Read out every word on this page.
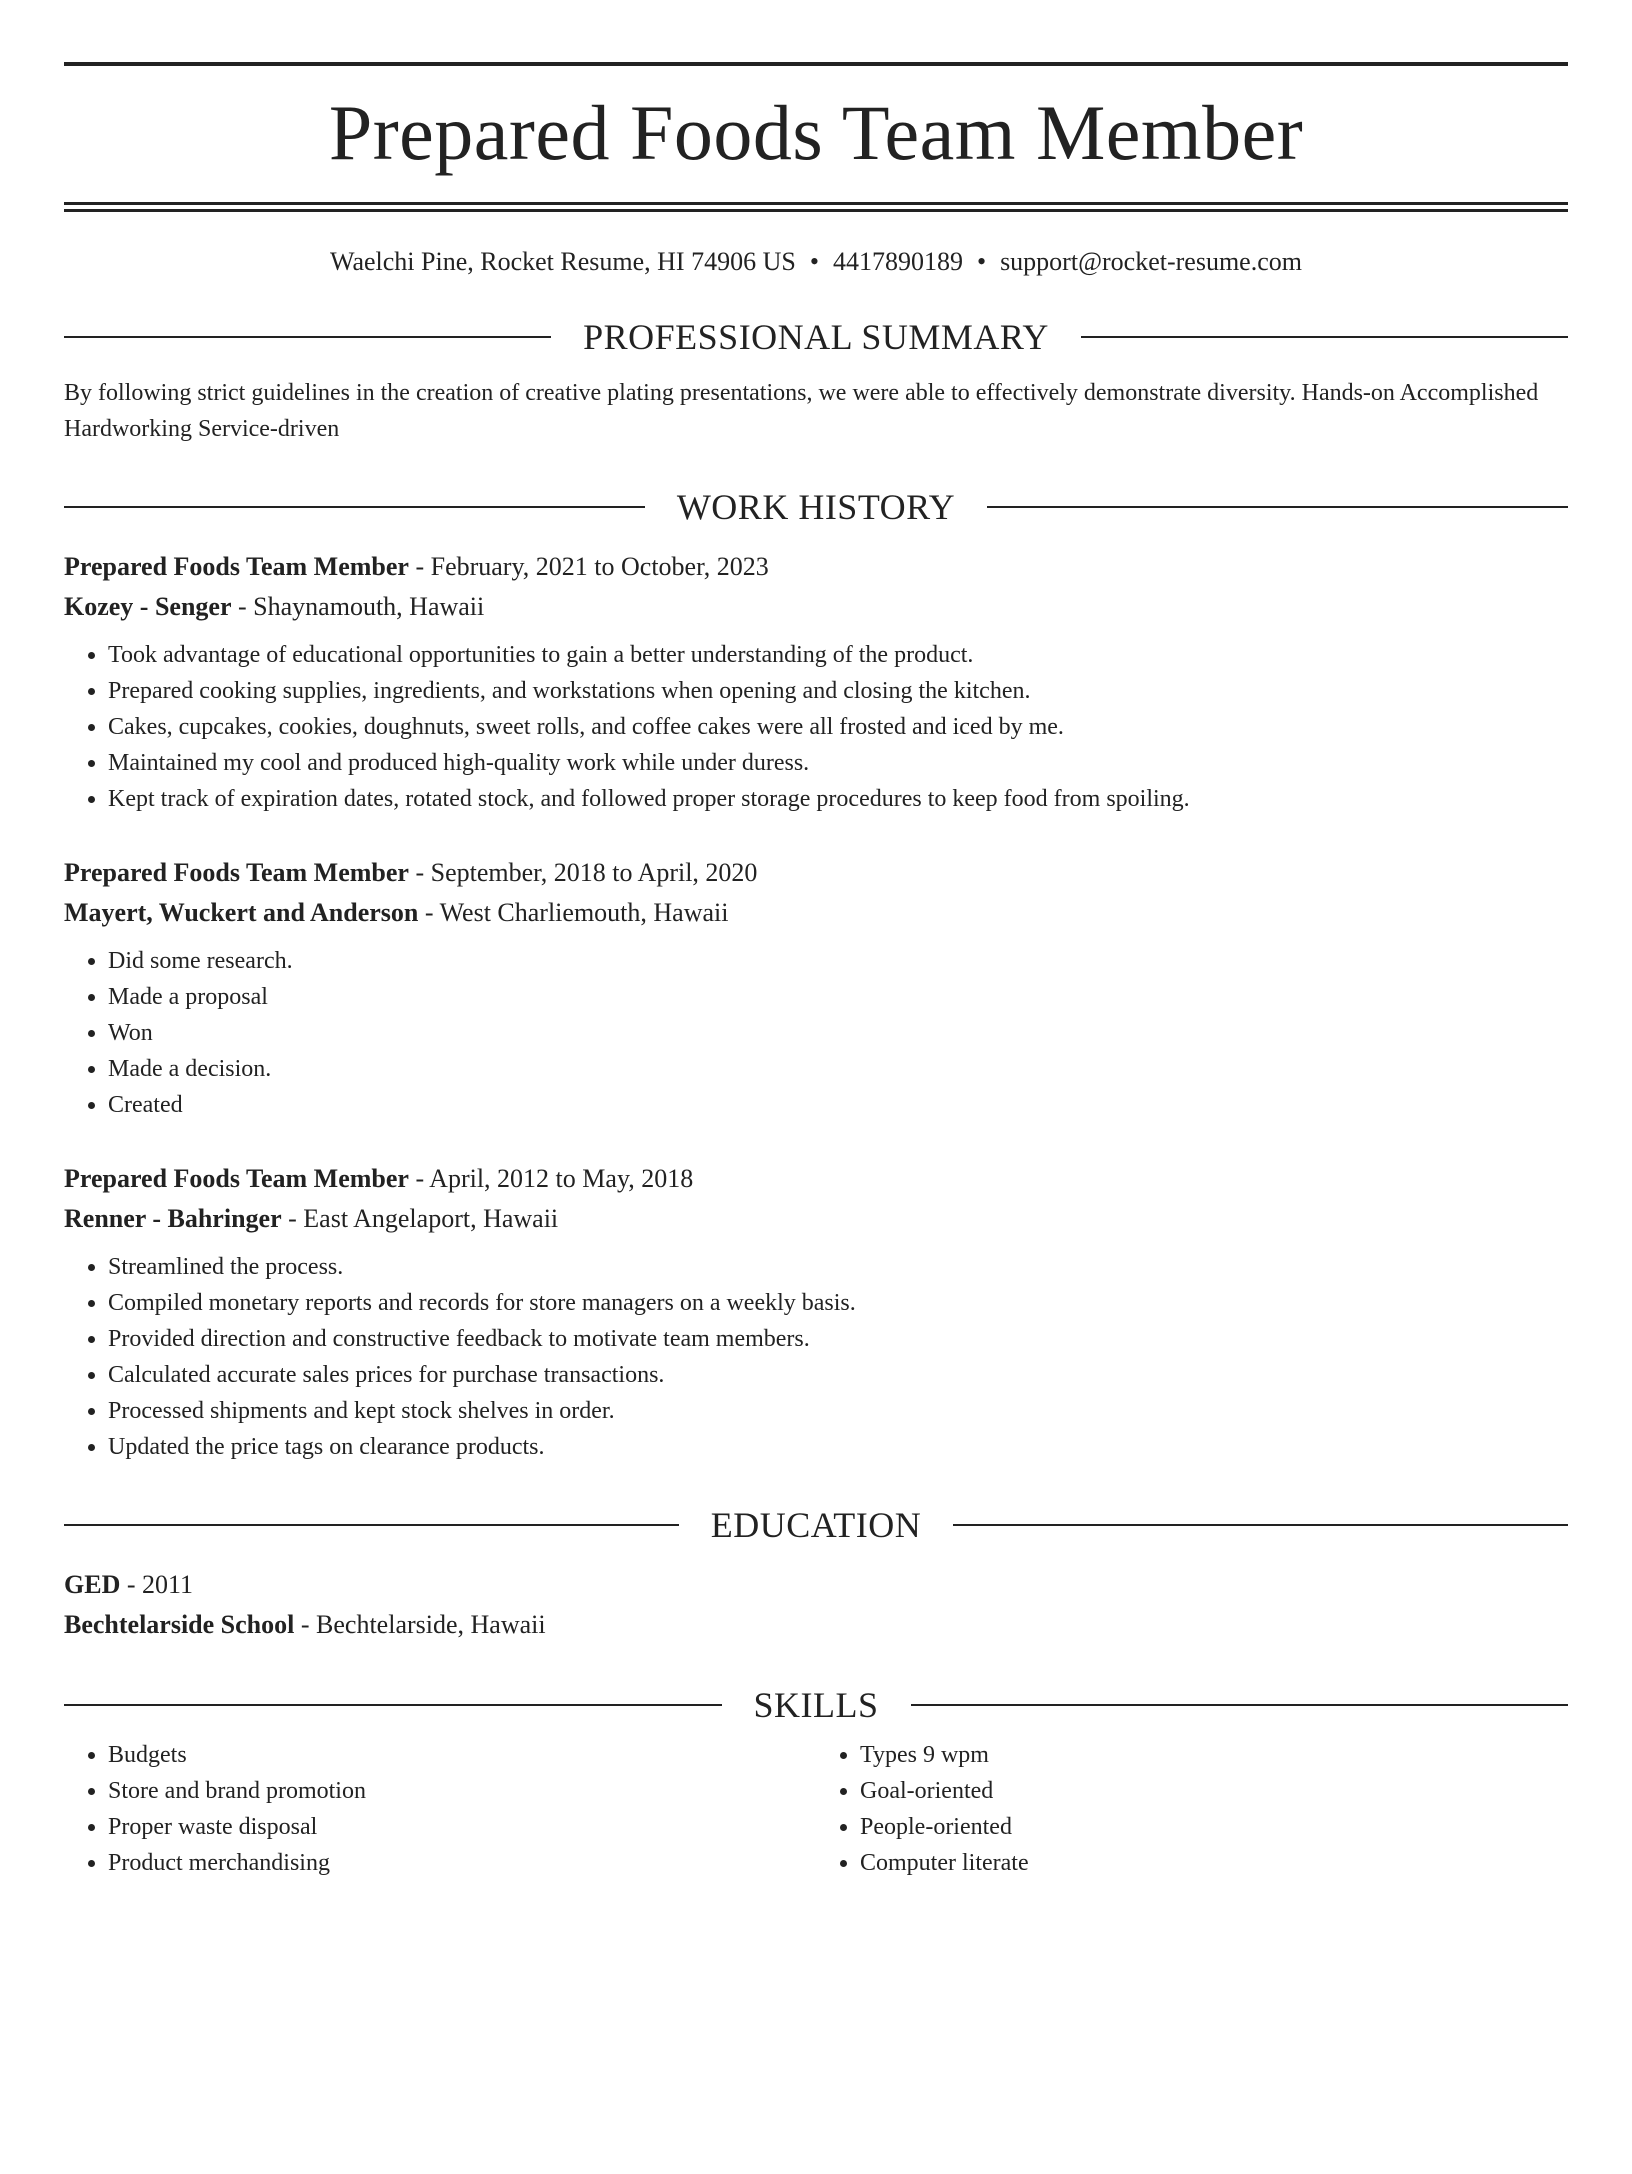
Prepared Foods Team Member
Waelchi Pine, Rocket Resume, HI 74906 US • 4417890189 • support@rocket-resume.com
PROFESSIONAL SUMMARY
By following strict guidelines in the creation of creative plating presentations, we were able to effectively demonstrate diversity. Hands-on Accomplished Hardworking Service-driven
WORK HISTORY
Prepared Foods Team Member - February, 2021 to October, 2023
Kozey - Senger - Shaynamouth, Hawaii
• Took advantage of educational opportunities to gain a better understanding of the product.
• Prepared cooking supplies, ingredients, and workstations when opening and closing the kitchen.
• Cakes, cupcakes, cookies, doughnuts, sweet rolls, and coffee cakes were all frosted and iced by me.
• Maintained my cool and produced high-quality work while under duress.
• Kept track of expiration dates, rotated stock, and followed proper storage procedures to keep food from spoiling.
Prepared Foods Team Member - September, 2018 to April, 2020
Mayert, Wuckert and Anderson - West Charliemouth, Hawaii
• Did some research.
• Made a proposal
• Won
• Made a decision.
• Created
Prepared Foods Team Member - April, 2012 to May, 2018
Renner - Bahringer - East Angelaport, Hawaii
• Streamlined the process.
• Compiled monetary reports and records for store managers on a weekly basis.
• Provided direction and constructive feedback to motivate team members.
• Calculated accurate sales prices for purchase transactions.
• Processed shipments and kept stock shelves in order.
• Updated the price tags on clearance products.
EDUCATION
GED - 2011
Bechtelarside School - Bechtelarside, Hawaii
SKILLS
• Budgets
• Store and brand promotion
• Proper waste disposal
• Product merchandising
• Types 9 wpm
• Goal-oriented
• People-oriented
• Computer literate
